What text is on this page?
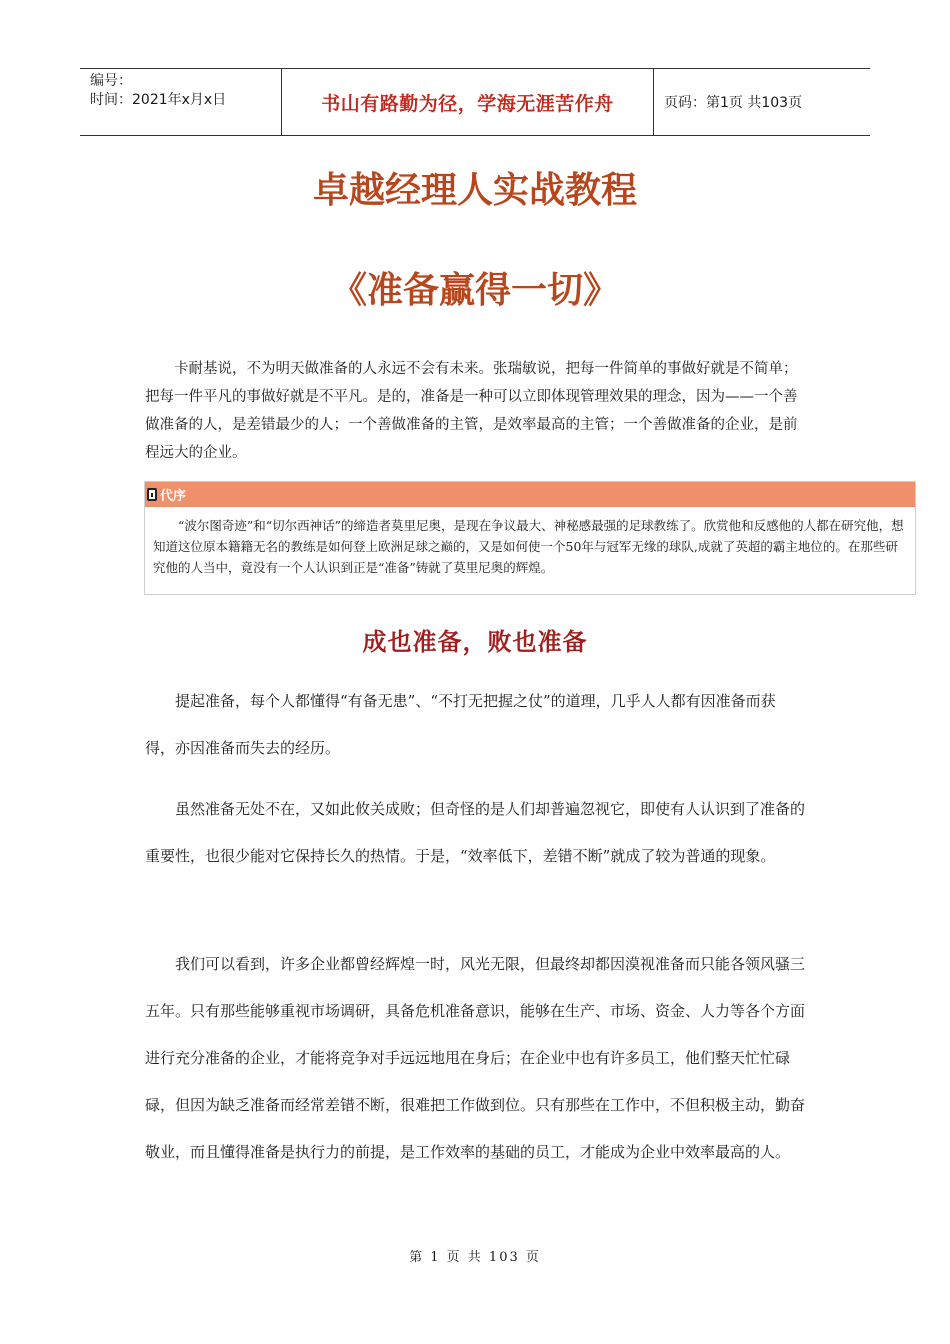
编号：
时间：2021年x月x日	书山有路勤为径，学海无涯苦作舟	页码：第1页 共103页
卓越经理人实战教程
《准备赢得一切》
卡耐基说，不为明天做准备的人永远不会有未来。张瑞敏说，把每一件简单的事做好就是不简单；把每一件平凡的事做好就是不平凡。是的，准备是一种可以立即体现管理效果的理念，因为——一个善做准备的人，是差错最少的人；一个善做准备的主管，是效率最高的主管；一个善做准备的企业，是前程远大的企业。
代序
“波尔图奇迹”和“切尔西神话”的缔造者莫里尼奥，是现在争议最大、神秘感最强的足球教练了。欣赏他和反感他的人都在研究他，想知道这位原本籍籍无名的教练是如何登上欧洲足球之巅的，又是如何使一个50年与冠军无缘的球队,成就了英超的霸主地位的。在那些研究他的人当中，竟没有一个人认识到正是“准备”铸就了莫里尼奥的辉煌。
成也准备，败也准备

提起准备，每个人都懂得“有备无患”、“不打无把握之仗”的道理，几乎人人都有因准备而获得，亦因准备而失去的经历。

虽然准备无处不在，又如此攸关成败；但奇怪的是人们却普遍忽视它，即使有人认识到了准备的重要性，也很少能对它保持长久的热情。于是，“效率低下，差错不断”就成了较为普通的现象。

我们可以看到，许多企业都曾经辉煌一时，风光无限，但最终却都因漠视准备而只能各领风骚三五年。只有那些能够重视市场调研，具备危机准备意识，能够在生产、市场、资金、人力等各个方面进行充分准备的企业，才能将竞争对手远远地甩在身后；在企业中也有许多员工，他们整天忙忙碌碌，但因为缺乏准备而经常差错不断，很难把工作做到位。只有那些在工作中，不但积极主动，勤奋敬业，而且懂得准备是执行力的前提，是工作效率的基础的员工，才能成为企业中效率最高的人。

第 1 页 共 103 页
